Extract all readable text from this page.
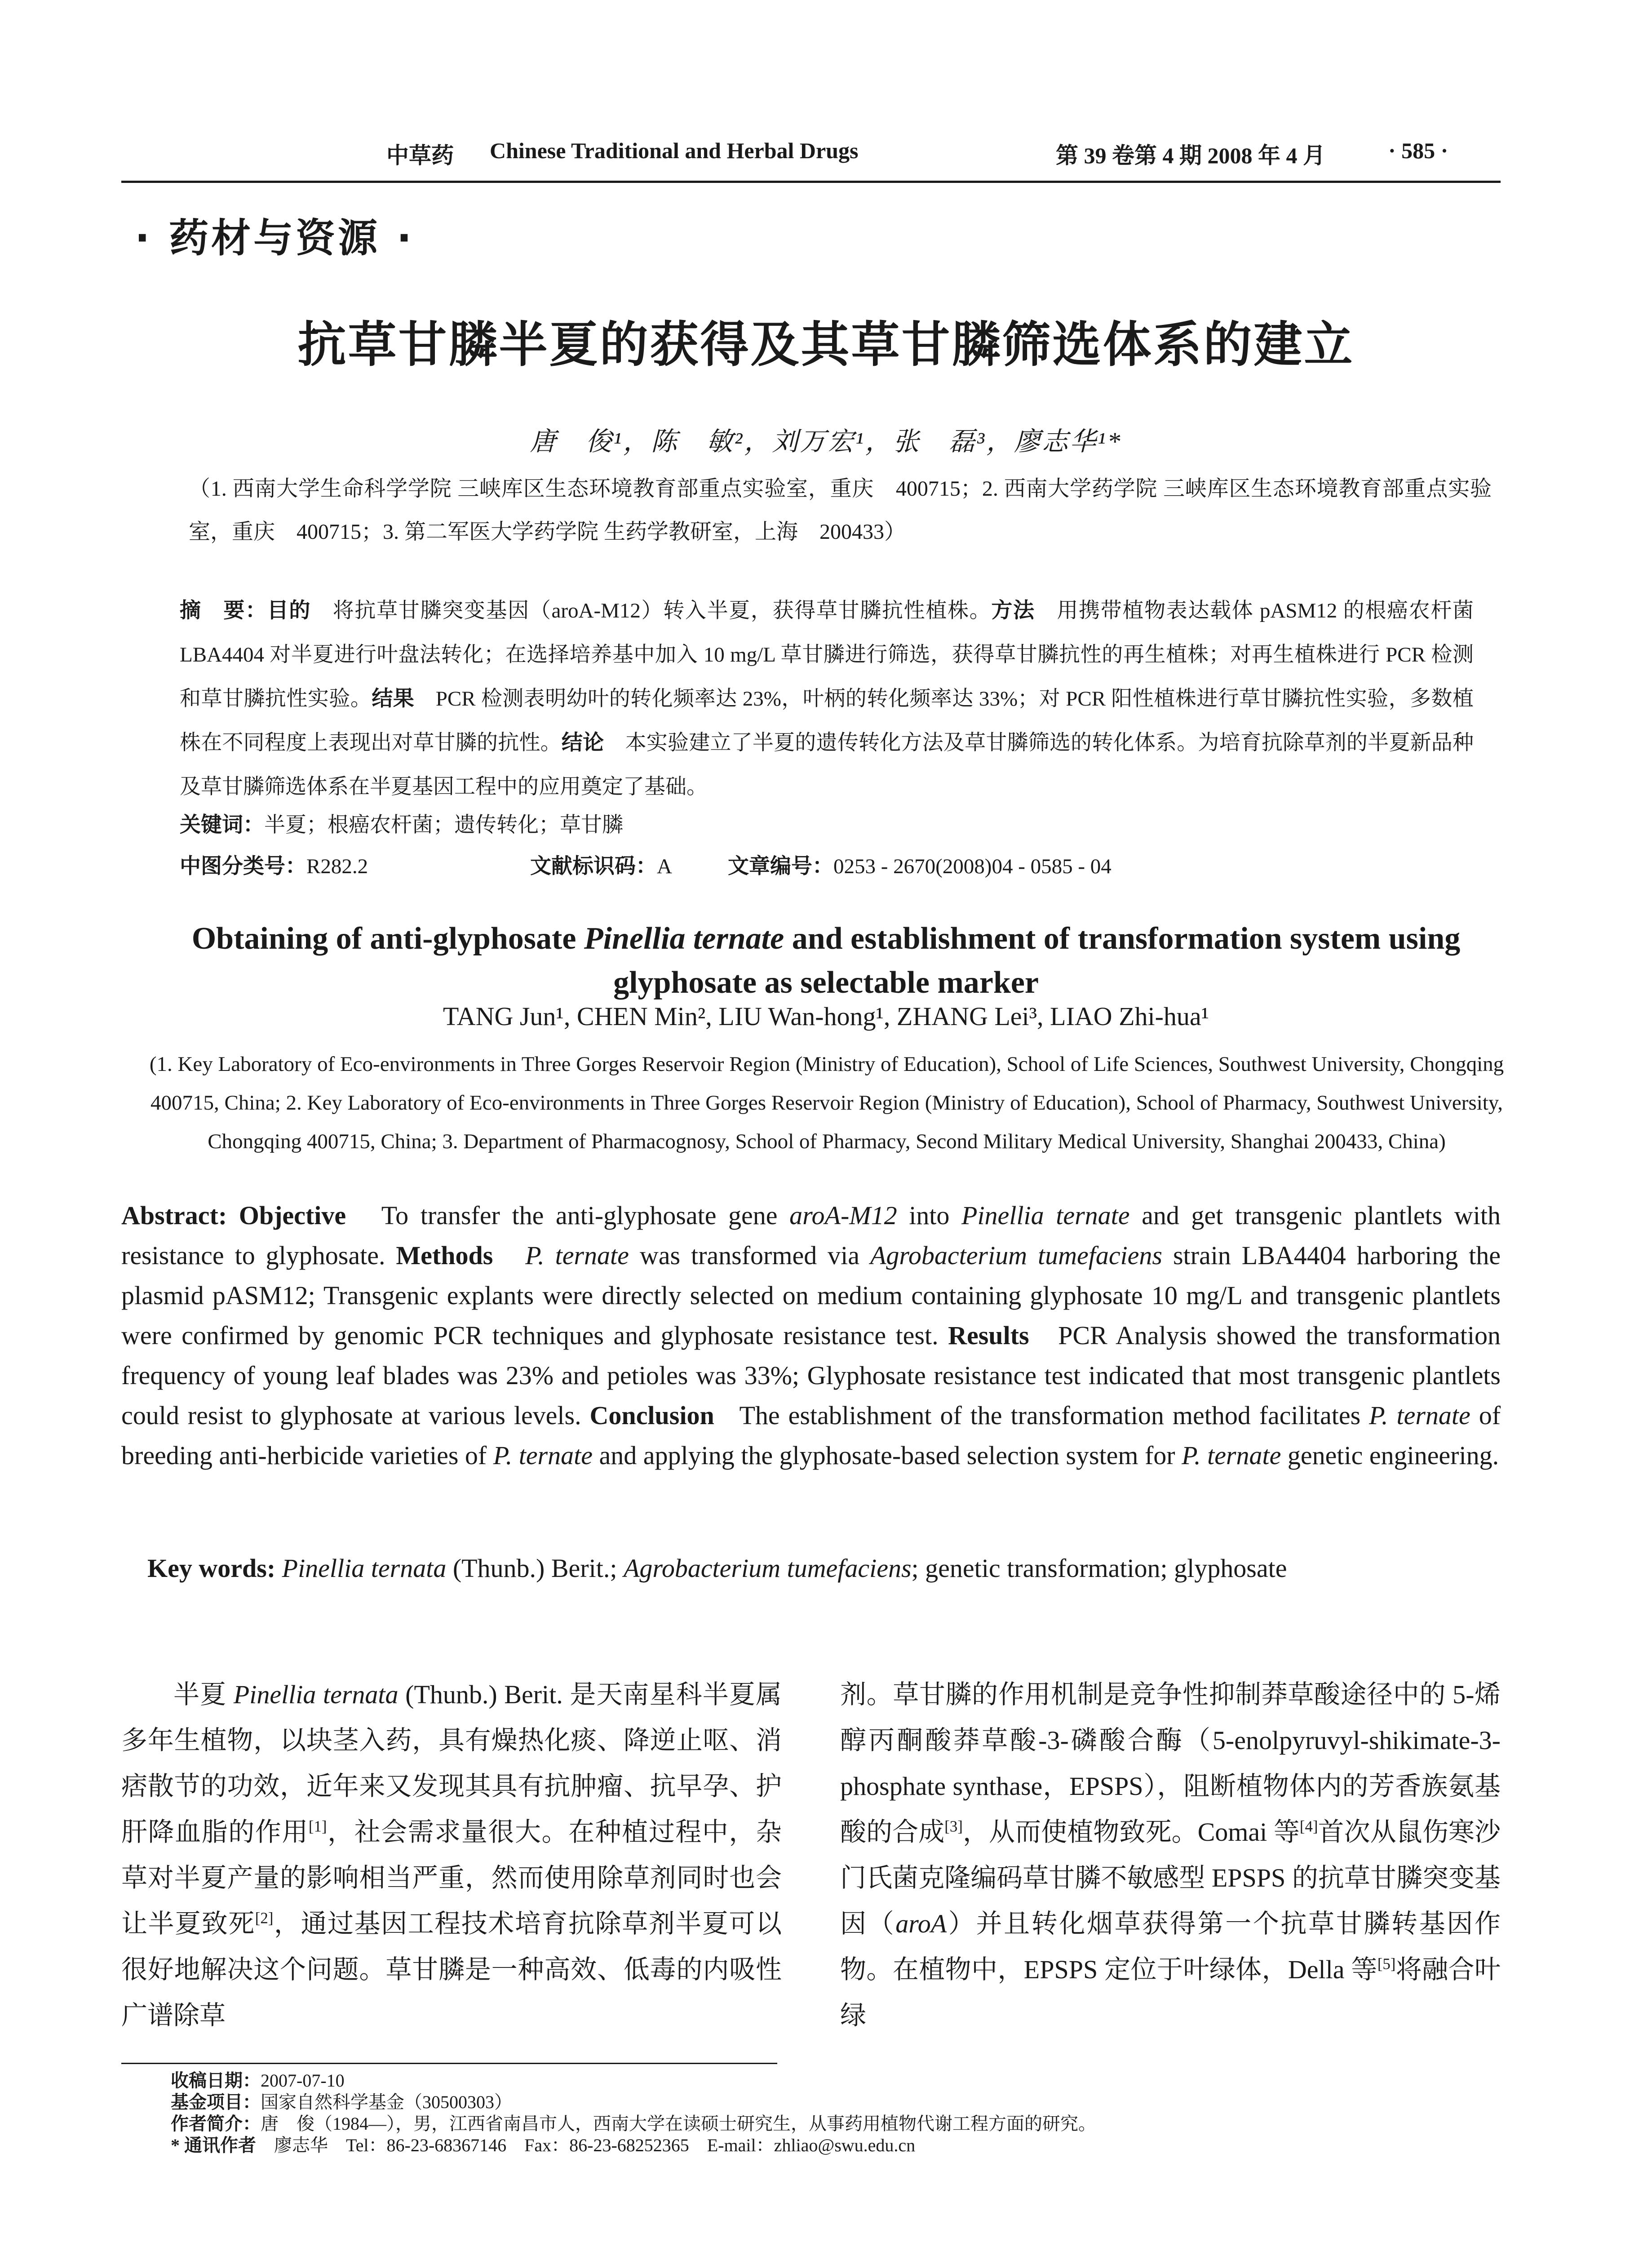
中草药 Chinese Traditional and Herbal Drugs	第 39 卷第 4 期 2008 年 4 月	· 585 ·
· 药材与资源 ·
抗草甘膦半夏的获得及其草甘膦筛选体系的建立
唐　俊¹，陈　敏²，刘万宏¹，张　磊³，廖志华¹*
（1. 西南大学生命科学学院 三峡库区生态环境教育部重点实验室，重庆　400715；2. 西南大学药学院 三峡库区生态环境教育部重点实验室，重庆　400715；3. 第二军医大学药学院 生药学教研室，上海　200433）
摘　要：目的　 将抗草甘膦突变基因（aroA-M12）转入半夏，获得草甘膦抗性植株。方法　 用携带植物表达载体 pASM12 的根癌农杆菌 LBA4404 对半夏进行叶盘法转化；在选择培养基中加入 10 mg/L 草甘膦进行筛选，获得草甘膦抗性的再生植株；对再生植株进行 PCR 检测和草甘膦抗性实验。结果　 PCR 检测表明幼叶的转化频率达 23%，叶柄的转化频率达 33%；对 PCR 阳性植株进行草甘膦抗性实验，多数植株在不同程度上表现出对草甘膦的抗性。结论　 本实验建立了半夏的遗传转化方法及草甘膦筛选的转化体系。为培育抗除草剂的半夏新品种及草甘膦筛选体系在半夏基因工程中的应用奠定了基础。
关键词：半夏；根癌农杆菌；遗传转化；草甘膦
中图分类号：R282.2	文献标识码：A	文章编号：0253 - 2670(2008)04 - 0585 - 04
Obtaining of anti-glyphosate Pinellia ternate and establishment of transformation system using glyphosate as selectable marker
TANG Jun¹, CHEN Min², LIU Wan-hong¹, ZHANG Lei³, LIAO Zhi-hua¹
(1. Key Laboratory of Eco-environments in Three Gorges Reservoir Region (Ministry of Education), School of Life Sciences, Southwest University, Chongqing 400715, China; 2. Key Laboratory of Eco-environments in Three Gorges Reservoir Region (Ministry of Education), School of Pharmacy, Southwest University, Chongqing 400715, China; 3. Department of Pharmacognosy, School of Pharmacy, Second Military Medical University, Shanghai 200433, China)
Abstract: Objective To transfer the anti-glyphosate gene aroA-M12 into Pinellia ternate and get transgenic plantlets with resistance to glyphosate. Methods P. ternate was transformed via Agrobacterium tumefaciens strain LBA4404 harboring the plasmid pASM12; Transgenic explants were directly selected on medium containing glyphosate 10 mg/L and transgenic plantlets were confirmed by genomic PCR techniques and glyphosate resistance test. Results PCR Analysis showed the transformation frequency of young leaf blades was 23% and petioles was 33%; Glyphosate resistance test indicated that most transgenic plantlets could resist to glyphosate at various levels. Conclusion The establishment of the transformation method facilitates P. ternate of breeding anti-herbicide varieties of P. ternate and applying the glyphosate-based selection system for P. ternate genetic engineering.
Key words: Pinellia ternata (Thunb.) Berit.; Agrobacterium tumefaciens; genetic transformation; glyphosate
半夏 Pinellia ternata (Thunb.) Berit. 是天南星科半夏属多年生植物，以块茎入药，具有燥热化痰、降逆止呕、消痞散节的功效，近年来又发现其具有抗肿瘤、抗早孕、护肝降血脂的作用[1]，社会需求量很大。在种植过程中，杂草对半夏产量的影响相当严重，然而使用除草剂同时也会让半夏致死[2]，通过基因工程技术培育抗除草剂半夏可以很好地解决这个问题。草甘膦是一种高效、低毒的内吸性广谱除草
剂。草甘膦的作用机制是竞争性抑制莽草酸途径中的 5-烯醇丙酮酸莽草酸-3-磷酸合酶（5-enolpyruvyl-shikimate-3-phosphate synthase，EPSPS），阻断植物体内的芳香族氨基酸的合成[3]，从而使植物致死。Comai 等[4]首次从鼠伤寒沙门氏菌克隆编码草甘膦不敏感型 EPSPS 的抗草甘膦突变基因（aroA）并且转化烟草获得第一个抗草甘膦转基因作物。在植物中，EPSPS 定位于叶绿体，Della 等[5]将融合叶绿
收稿日期：2007-07-10
基金项目：国家自然科学基金（30500303）
作者简介：唐　俊（1984—），男，江西省南昌市人，西南大学在读硕士研究生，从事药用植物代谢工程方面的研究。
* 通讯作者　廖志华　Tel：86-23-68367146　Fax：86-23-68252365　E-mail：zhliao@swu.edu.cn
